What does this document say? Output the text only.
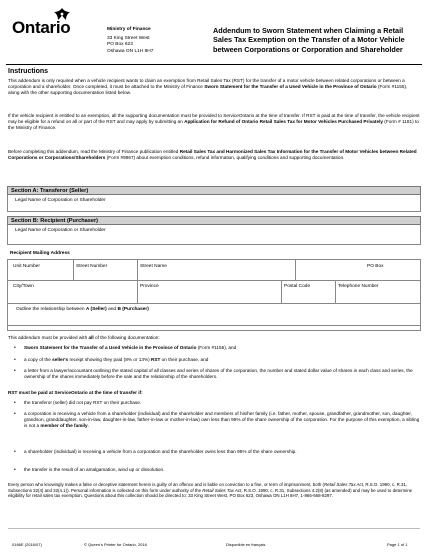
Ontario	Ministry of Finance
33 King Street West
PO Box 623
Oshawa ON L1H 8H7
Addendum to Sworn Statement when Claiming a Retail Sales Tax Exemption on the Transfer of a Motor Vehicle between Corporations or Corporation and Shareholder
Instructions
This addendum is only required when a vehicle recipient wants to claim an exemption from Retail Sales Tax (RST) for the transfer of a motor vehicle between related corporations or between a corporation and a shareholder. Once completed, it must be attached to the Ministry of Finance Sworn Statement for the Transfer of a Used Vehicle in the Province of Ontario (Form #1155), along with the other supporting documentation listed below.
If the vehicle recipient is entitled to an exemption, all the supporting documentation must be provided to ServiceOntario at the time of transfer. If RST is paid at the time of transfer, the vehicle recipient may be eligible for a refund on all or part of the RST and may apply by submitting an Application for Refund of Ontario Retail Sales Tax for Motor Vehicles Purchased Privately (Form # 1181) to the Ministry of Finance.
Before completing this addendum, read the Ministry of Finance publication entitled Retail Sales Tax and Harmonized Sales Tax Information for the Transfer of Motor Vehicles between Related Corporations or Corporations/Shareholders (Form #9967) about exemption conditions, refund information, qualifying conditions and supporting documentation.
Section A: Transferor (Seller)
Legal Name of Corporation or Shareholder
Section B: Recipient (Purchaser)
Legal Name of Corporation or Shareholder
Recipient Mailing Address
Unit Number	Street Number	Street Name	PO Box
City/Town	Province	Postal Code	Telephone Number
Outline the relationship between A (Seller) and B (Purchaser)
This addendum must be provided with all of the following documentation:
• Sworn Statement for the Transfer of a Used Vehicle in the Province of Ontario (Form #1155), and
• a copy of the seller's receipt showing they paid (8% or 13%) RST on their purchase, and
• a letter from a lawyer/accountant outlining the stated capital of all classes and series of shares of the corporation, the number and stated dollar value of shares in each class and series, the ownership of the shares immediately before the sale and the relationship of the shareholders.
RST must be paid at ServiceOntario at the time of transfer if:
• the transferor (seller) did not pay RST on their purchase.
• a corporation is receiving a vehicle from a shareholder (individual) and the shareholder and members of his/her family (i.e. father, mother, spouse, grandfather, grandmother, son, daughter, grandson, granddaughter, son-in-law, daughter-in-law, father-in-law or mother-in-law) own less than 95% of the share ownership of the corporation. For the purpose of this exemption, a sibling is not a member of the family.
• a shareholder (individual) is receiving a vehicle from a corporation and the shareholder owns less than 95% of the share ownership.
• the transfer is the result of an amalgamation, wind up or dissolution.
Every person who knowingly makes a false or deceptive statement herein is guilty of an offence and is liable on conviction to a fine, or term of imprisonment, both (Retail Sales Tax Act, R.S.O. 1990, c. R.31, Subsections 32(4) and 32(4.1)). Personal information is collected on this form under authority of the Retail Sales Tax Act, R.S.O. 1990, c. R.31, Subsections 4.2(8) (as amended) and may be used to determine eligibility for retail sales tax exemption. Questions about this collection should be directed to: 33 King Street West, PO Box 623, Oshawa ON L1H 8H7, 1-866-668-8297.
0166E (2016/07)	© Queen's Printer for Ontario, 2016	Disponible en français	Page 1 of 1
